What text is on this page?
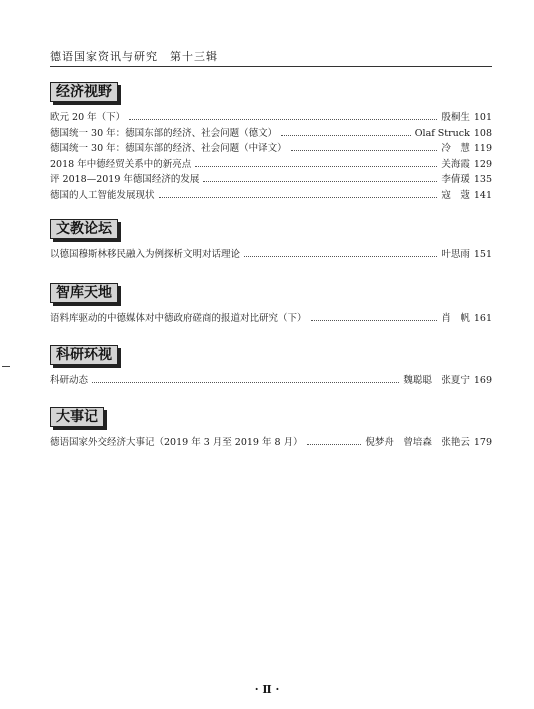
德语国家资讯与研究　第十三辑
经济视野
欧元 20 年（下）	殷桐生 101
德国统一 30 年：德国东部的经济、社会问题（德文）	Olaf Struck 108
德国统一 30 年：德国东部的经济、社会问题（中译文）	冷　慧 119
2018 年中德经贸关系中的新亮点	关海霞 129
评 2018—2019 年德国经济的发展	李倩瑗 135
德国的人工智能发展现状	寇　蔻 141
文教论坛
以德国穆斯林移民融入为例探析文明对话理论	叶思雨 151
智库天地
语料库驱动的中德媒体对中德政府磋商的报道对比研究（下）	肖　帆 161
科研环视
科研动态	魏聪聪　张夏宁 169
大事记
德语国家外交经济大事记（2019 年 3 月至 2019 年 8 月）	倪梦舟　曾培森　张艳云 179
· Ⅱ ·
